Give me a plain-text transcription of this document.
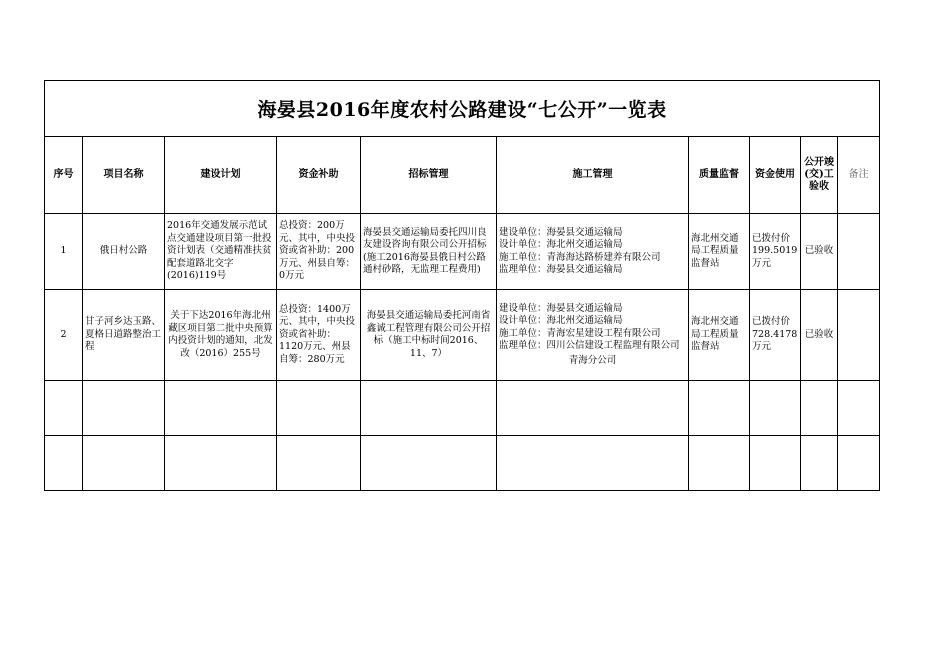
海晏县2016年度农村公路建设“七公开”一览表									
序号	项目名称	建设计划	资金补助	招标管理	施工管理	质量监督	资金使用	公开竣(交)工验收	备注
1	俄日村公路	2016年交通发展示范试点交通建设项目第一批投资计划表（交通精准扶贫配套道路北交字(2016)119号	总投资：200万元、其中，中央投资或省补助：200万元、州县自筹：0万元	海晏县交通运输局委托四川良友建设咨询有限公司公开招标(施工2016海晏县俄日村公路通村砂路，无监理工程费用)	建设单位：海晏县交通运输局
设计单位：海北州交通运输局
施工单位：青海海达路桥建养有限公司
监理单位：海晏县交通运输局	海北州交通局工程质量监督站	已拨付价199.5019万元	已验收	
2	甘子河乡达玉路、夏格日道路整治工程	关于下达2016年海北州藏区项目第二批中央预算内投资计划的通知，北发改（2016）255号	总投资：1400万元、其中，中央投资或省补助：1120万元、州县自筹：280万元	海晏县交通运输局委托河南省鑫诚工程管理有限公司公开招标（施工中标时间2016、11、7）	建设单位：海晏县交通运输局
设计单位：海北州交通运输局
施工单位：青海宏星建设工程有限公司
监理单位：四川公信建设工程监理有限公司
青海分公司	海北州交通局工程质量监督站	已拨付价728.4178万元	已验收	
